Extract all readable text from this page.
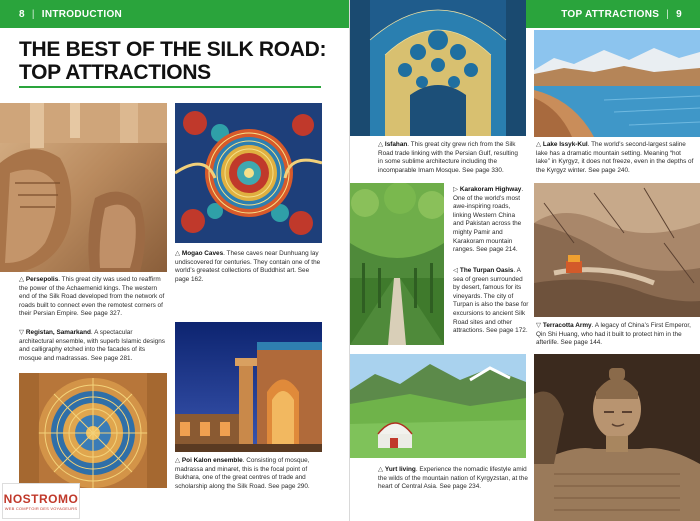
8 | INTRODUCTION	TOP ATTRACTIONS | 9
THE BEST OF THE SILK ROAD:
TOP ATTRACTIONS
△ Persepolis. This great city was used to reaffirm the power of the Achaemenid kings. The western end of the Silk Road developed from the network of roads built to connect even the remotest corners of their Persian Empire. See page 327.
▽ Registan, Samarkand. A spectacular architectural ensemble, with superb Islamic designs and calligraphy etched into the facades of its mosque and madrassas. See page 281.
△ Mogao Caves. These caves near Dunhuang lay undiscovered for centuries. They contain one of the world’s greatest collections of Buddhist art. See page 162.
△ Poi Kalon ensemble. Consisting of mosque, madrassa and minaret, this is the focal point of Bukhara, one of the great centres of trade and scholarship along the Silk Road. See page 290.
△ Isfahan. This great city grew rich from the Silk Road trade linking with the Persian Gulf, resulting in some sublime architecture including the incomparable Imam Mosque. See page 330.
▷ Karakoram Highway. One of the world’s most awe-inspiring roads, linking Western China and Pakistan across the mighty Pamir and Karakoram mountain ranges. See page 214.
◁ The Turpan Oasis. A sea of green surrounded by desert, famous for its vineyards. The city of Turpan is also the base for excursions to ancient Silk Road sites and other attractions. See page 172.
△ Yurt living. Experience the nomadic lifestyle amid the wilds of the mountain nation of Kyrgyzstan, at the heart of Central Asia. See page 234.
△ Lake Issyk-Kul. The world’s second-largest saline lake has a dramatic mountain setting. Meaning “hot lake” in Kyrgyz, it does not freeze, even in the depths of the Kyrgyz winter. See page 240.
▽ Terracotta Army. A legacy of China’s First Emperor, Qin Shi Huang, who had it built to protect him in the afterlife. See page 144.
NOSTROMO
WEB COMPTOIR DES VOYAGEURS
